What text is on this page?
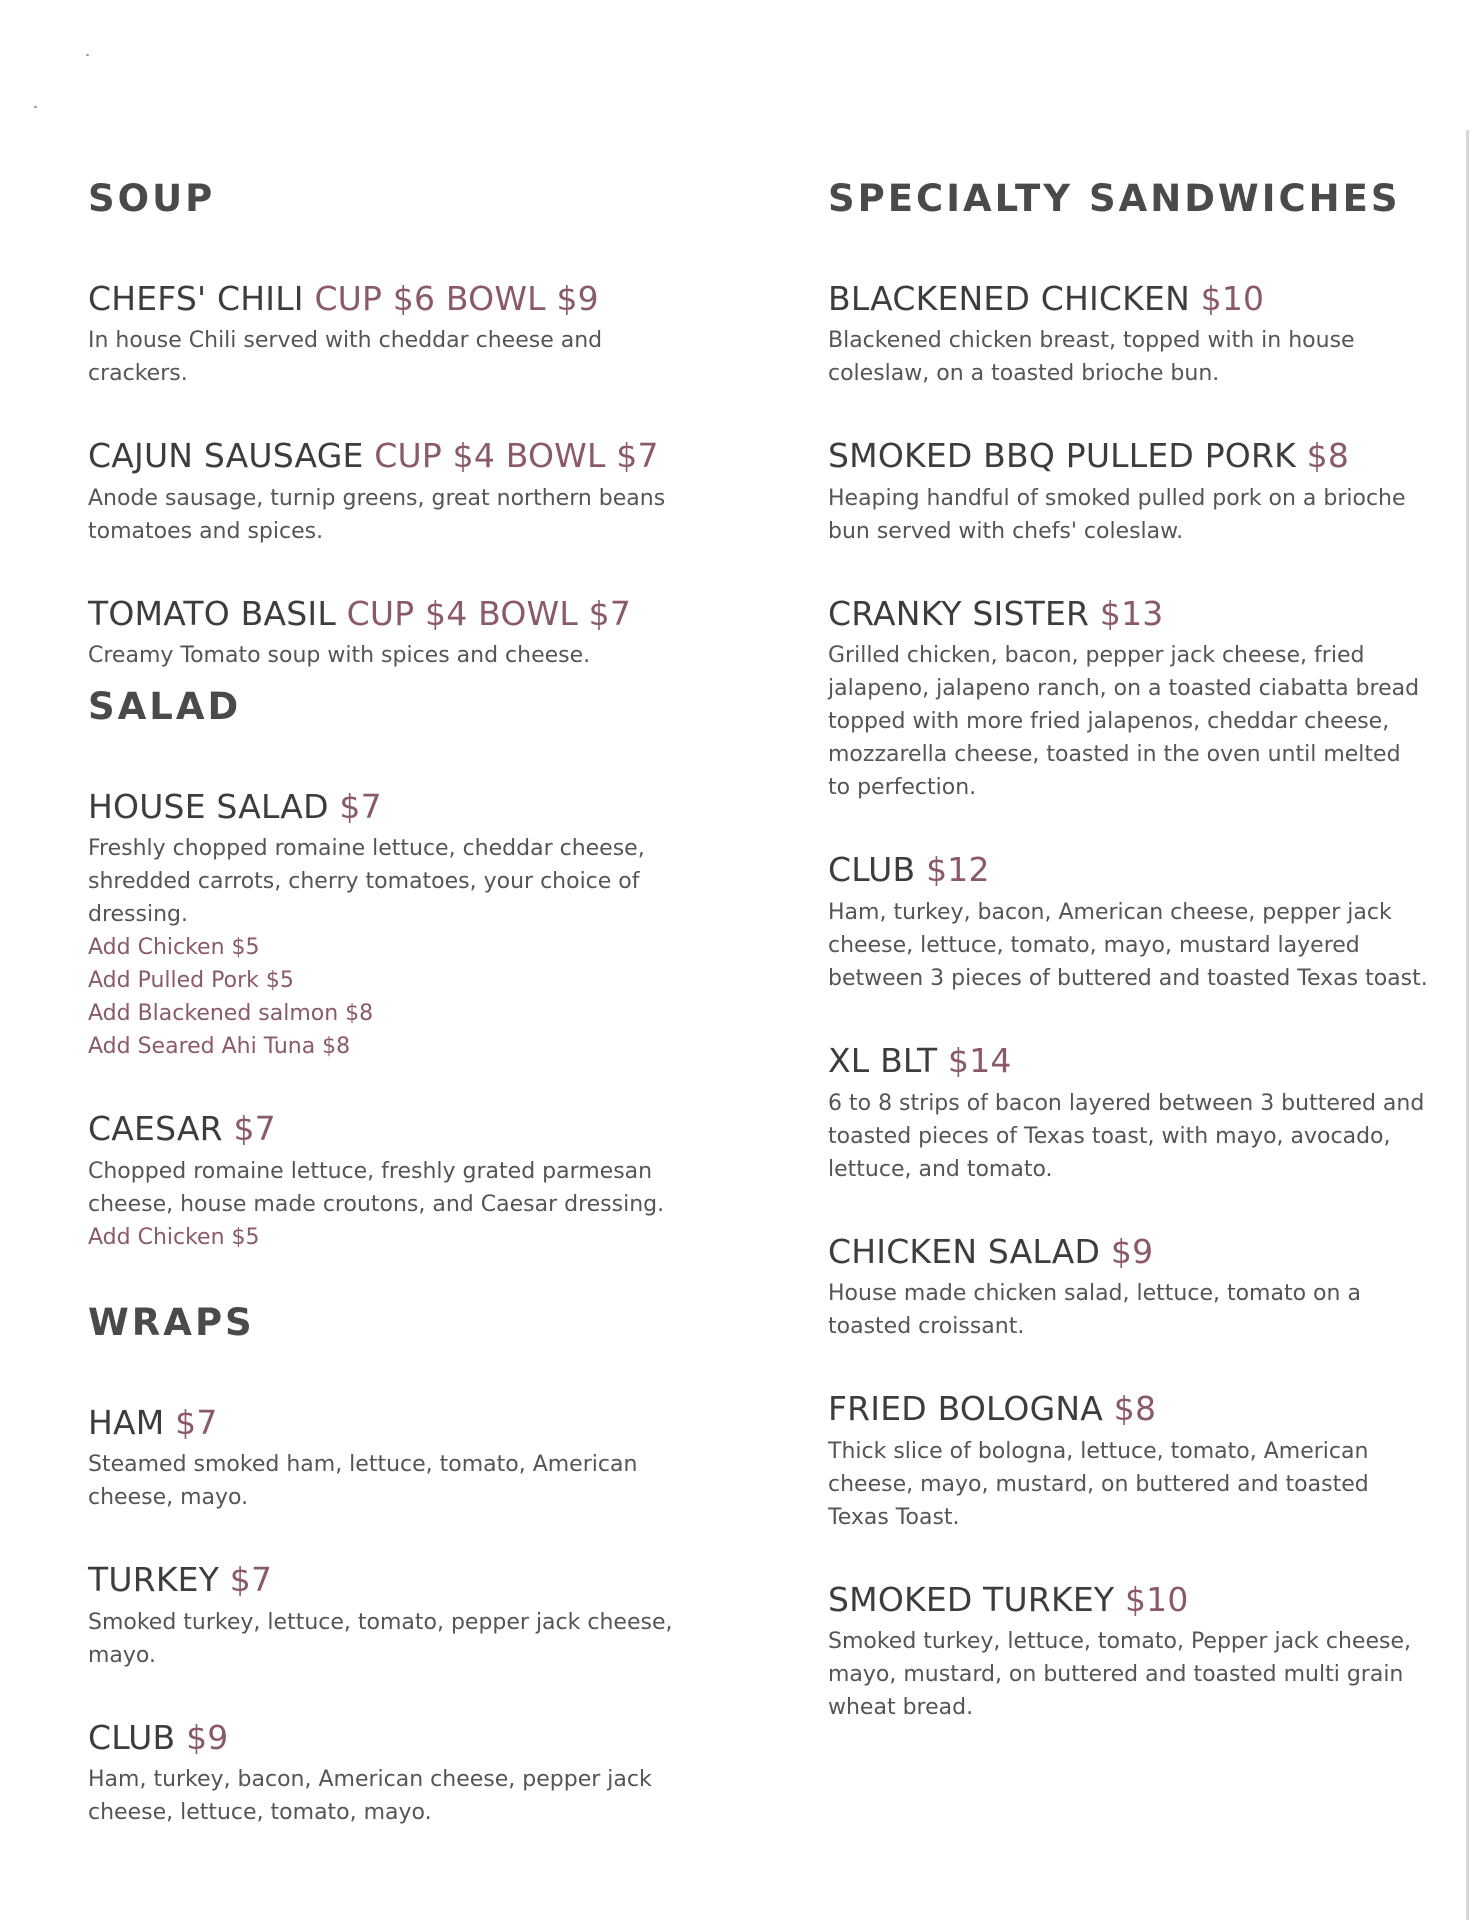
SOUP
CHEFS' CHILI CUP $6 BOWL $9
In house Chili served with cheddar cheese and crackers.
CAJUN SAUSAGE CUP $4 BOWL $7
Anode sausage, turnip greens, great northern beans tomatoes and spices.
TOMATO BASIL CUP $4 BOWL $7
Creamy Tomato soup with spices and cheese.
SALAD
HOUSE SALAD $7
Freshly chopped romaine lettuce, cheddar cheese, shredded carrots, cherry tomatoes, your choice of dressing.
Add Chicken $5
Add Pulled Pork $5
Add Blackened salmon $8
Add Seared Ahi Tuna $8
CAESAR $7
Chopped romaine lettuce, freshly grated parmesan cheese, house made croutons, and Caesar dressing.
Add Chicken $5
WRAPS
HAM $7
Steamed smoked ham, lettuce, tomato, American cheese, mayo.
TURKEY $7
Smoked turkey, lettuce, tomato, pepper jack cheese, mayo.
CLUB $9
Ham, turkey, bacon, American cheese, pepper jack cheese, lettuce, tomato, mayo.
SPECIALTY SANDWICHES
BLACKENED CHICKEN $10
Blackened chicken breast, topped with in house coleslaw, on a toasted brioche bun.
SMOKED BBQ PULLED PORK $8
Heaping handful of smoked pulled pork on a brioche bun served with chefs' coleslaw.
CRANKY SISTER $13
Grilled chicken, bacon, pepper jack cheese, fried jalapeno, jalapeno ranch, on a toasted ciabatta bread topped with more fried jalapenos, cheddar cheese, mozzarella cheese, toasted in the oven until melted to perfection.
CLUB $12
Ham, turkey, bacon, American cheese, pepper jack cheese, lettuce, tomato, mayo, mustard layered between 3 pieces of buttered and toasted Texas toast.
XL BLT $14
6 to 8 strips of bacon layered between 3 buttered and toasted pieces of Texas toast, with mayo, avocado, lettuce, and tomato.
CHICKEN SALAD $9
House made chicken salad, lettuce, tomato on a toasted croissant.
FRIED BOLOGNA $8
Thick slice of bologna, lettuce, tomato, American cheese, mayo, mustard, on buttered and toasted Texas Toast.
SMOKED TURKEY $10
Smoked turkey, lettuce, tomato, Pepper jack cheese, mayo, mustard, on buttered and toasted multi grain wheat bread.
